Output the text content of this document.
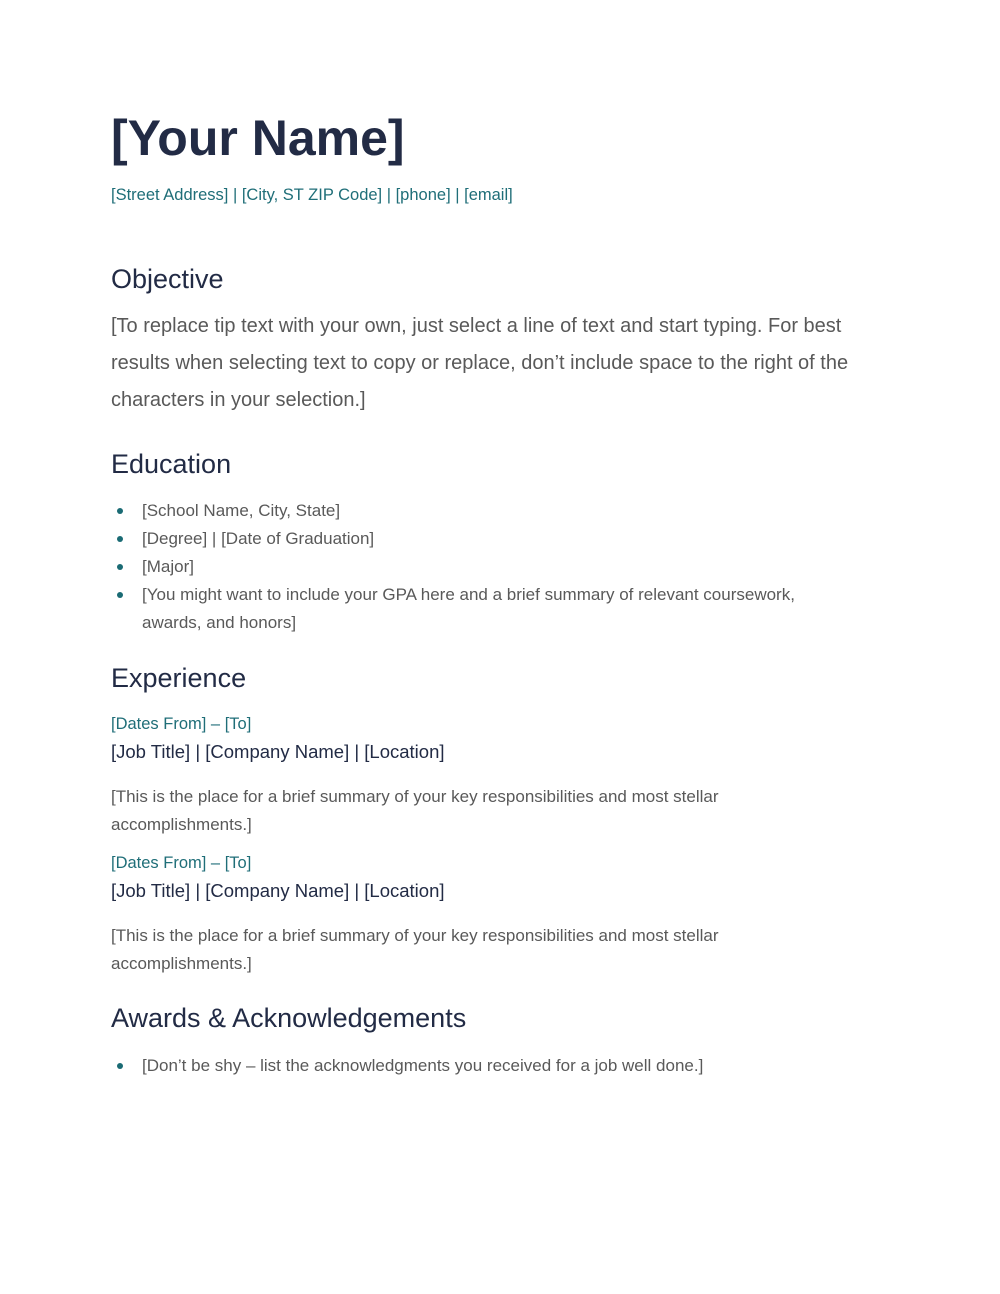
[Your Name]

[Street Address] | [City, ST ZIP Code] | [phone] | [email]

Objective

[To replace tip text with your own, just select a line of text and start typing. For best results when selecting text to copy or replace, don’t include space to the right of the characters in your selection.]

Education
[School Name, City, State]
[Degree] | [Date of Graduation]
[Major]
[You might want to include your GPA here and a brief summary of relevant coursework, awards, and honors]
Experience

[Dates From] – [To]

[Job Title] | [Company Name] | [Location]

[This is the place for a brief summary of your key responsibilities and most stellar accomplishments.]

[Dates From] – [To]

[Job Title] | [Company Name] | [Location]

[This is the place for a brief summary of your key responsibilities and most stellar accomplishments.]

Awards & Acknowledgements
[Don’t be shy – list the acknowledgments you received for a job well done.]
